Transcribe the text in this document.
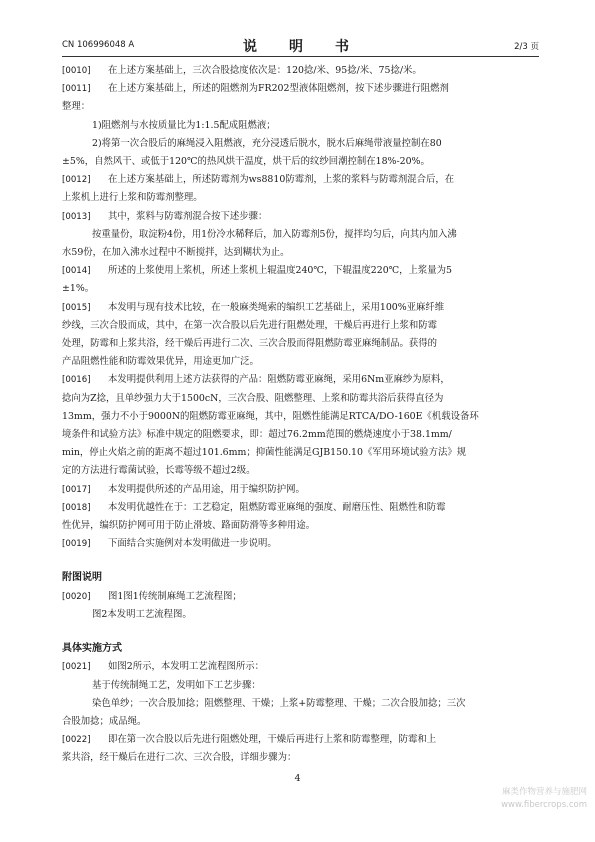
CN 106996048 A	说　明　书	2/3 页
[0010]	在上述方案基础上，三次合股捻度依次是：120捻/米、95捻/米、75捻/米。
[0011]	在上述方案基础上，所述的阻燃剂为FR202型液体阻燃剂，按下述步骤进行阻燃剂
整理：
1)阻燃剂与水按质量比为1:1.5配成阻燃液；
2)将第一次合股后的麻绳浸入阻燃液，充分浸透后脱水，脱水后麻绳带液量控制在80
±5%，自然风干、或低于120℃的热风烘干温度，烘干后的纹纱回潮控制在18%-20%。
[0012]	在上述方案基础上，所述防霉剂为ws8810防霉剂，上浆的浆料与防霉剂混合后，在
上浆机上进行上浆和防霉剂整理。
[0013]	其中，浆料与防霉剂混合按下述步骤：
按重量份，取淀粉4份，用1份冷水稀释后，加入防霉剂5份，搅拌均匀后，向其内加入沸
水59份，在加入沸水过程中不断搅拌，达到糊状为止。
[0014]	所述的上浆使用上浆机，所述上浆机上辊温度240℃，下辊温度220℃，上浆量为5
±1%。
[0015]	本发明与现有技术比较，在一般麻类绳索的编织工艺基础上，采用100%亚麻纤维
纱线，三次合股而成，其中，在第一次合股以后先进行阻燃处理，干燥后再进行上浆和防霉
处理，防霉和上浆共浴，经干燥后再进行二次、三次合股而得阻燃防霉亚麻绳制品。获得的
产品阻燃性能和防霉效果优异，用途更加广泛。
[0016]	本发明提供利用上述方法获得的产品：阻燃防霉亚麻绳，采用6Nm亚麻纱为原料，
捻向为Z捻，且单纱强力大于1500cN，三次合股、阻燃整理、上浆和防霉共浴后获得直径为
13mm，强力不小于9000N的阻燃防霉亚麻绳，其中，阻燃性能满足RTCA/DO-160E《机载设备环
境条件和试验方法》标准中规定的阻燃要求，即：超过76.2mm范围的燃烧速度小于38.1mm/
min，停止火焰之前的距离不超过101.6mm；抑菌性能满足GJB150.10《军用环境试验方法》规
定的方法进行霉菌试验，长霉等级不超过2级。
[0017]	本发明提供所述的产品用途，用于编织防护网。
[0018]	本发明优越性在于：工艺稳定，阻燃防霉亚麻绳的强度、耐磨压性、阻燃性和防霉
性优异，编织防护网可用于防止滑坡、路面防滑等多种用途。
[0019]	下面结合实施例对本发明做进一步说明。
附图说明
[0020]	图1图1传统制麻绳工艺流程图；
图2本发明工艺流程图。
具体实施方式
[0021]	如图2所示，本发明工艺流程图所示：
基于传统制绳工艺，发明如下工艺步骤：
染色单纱；一次合股加捻；阻燃整理、干燥；上浆+防霉整理、干燥；二次合股加捻；三次
合股加捻；成品绳。
[0022]	即在第一次合股以后先进行阻燃处理，干燥后再进行上浆和防霉整理，防霉和上
浆共浴，经干燥后在进行二次、三次合股，详细步骤为：
4
麻类作物营养与施肥网
www.fibercrops.com
